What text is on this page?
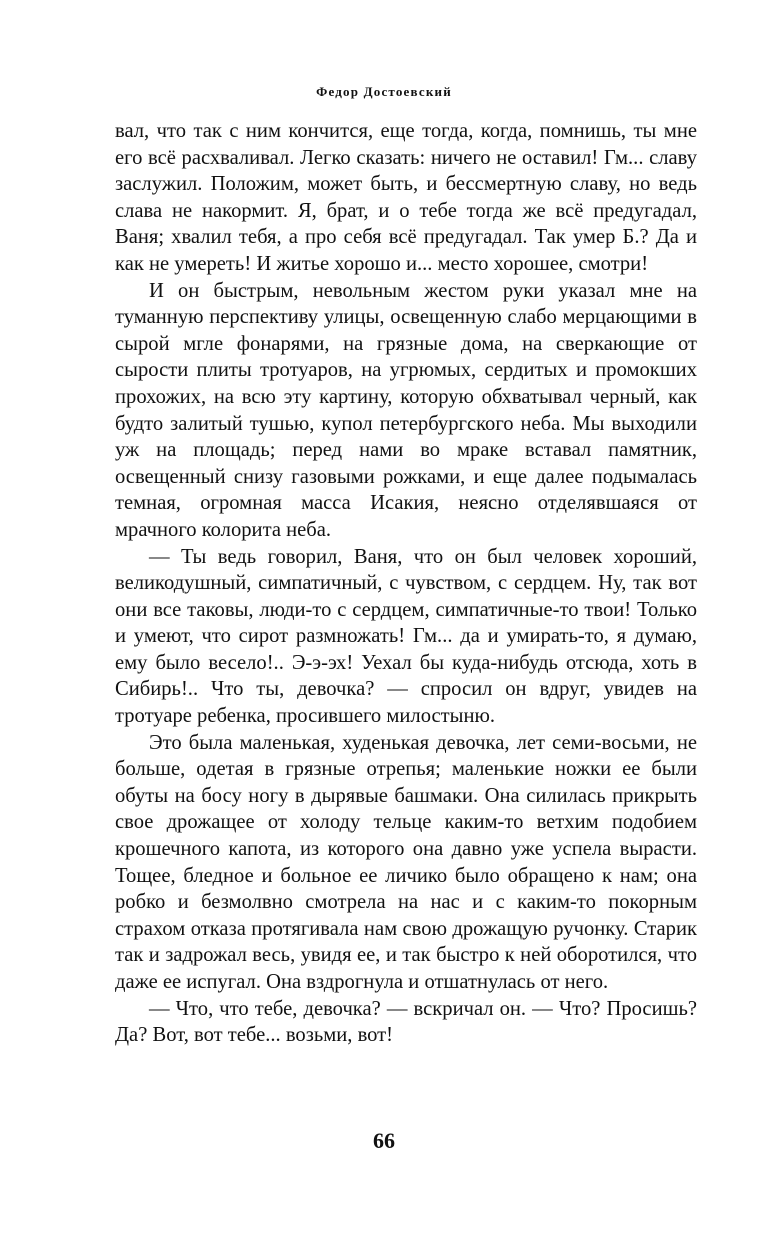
Федор Достоевский

вал, что так с ним кончится, еще тогда, когда, помнишь, ты мне его всё расхваливал. Легко сказать: ничего не оставил! Гм... славу заслужил. Положим, может быть, и бессмертную славу, но ведь слава не накормит. Я, брат, и о тебе тогда же всё предугадал, Ваня; хвалил тебя, а про себя всё предугадал. Так умер Б.? Да и как не умереть! И житье хорошо и... место хорошее, смотри!

И он быстрым, невольным жестом руки указал мне на туманную перспективу улицы, освещенную слабо мерцающими в сырой мгле фонарями, на грязные дома, на сверкающие от сырости плиты тротуаров, на угрюмых, сердитых и промокших прохожих, на всю эту картину, которую обхватывал черный, как будто залитый тушью, купол петербургского неба. Мы выходили уж на площадь; перед нами во мраке вставал памятник, освещенный снизу газовыми рожками, и еще далее подымалась темная, огромная масса Исакия, неясно отделявшаяся от мрачного колорита неба.

— Ты ведь говорил, Ваня, что он был человек хороший, великодушный, симпатичный, с чувством, с сердцем. Ну, так вот они все таковы, люди-то с сердцем, симпатичные-то твои! Только и умеют, что сирот размножать! Гм... да и умирать-то, я думаю, ему было весело!.. Э-э-эх! Уехал бы куда-нибудь отсюда, хоть в Сибирь!.. Что ты, девочка? — спросил он вдруг, увидев на тротуаре ребенка, просившего милостыню.

Это была маленькая, худенькая девочка, лет семи-восьми, не больше, одетая в грязные отрепья; маленькие ножки ее были обуты на босу ногу в дырявые башмаки. Она силилась прикрыть свое дрожащее от холоду тельце каким-то ветхим подобием крошечного капота, из которого она давно уже успела вырасти. Тощее, бледное и больное ее личико было обращено к нам; она робко и безмолвно смотрела на нас и с каким-то покорным страхом отказа протягивала нам свою дрожащую ручонку. Старик так и задрожал весь, увидя ее, и так быстро к ней оборотился, что даже ее испугал. Она вздрогнула и отшатнулась от него.

— Что, что тебе, девочка? — вскричал он. — Что? Просишь? Да? Вот, вот тебе... возьми, вот!

66
